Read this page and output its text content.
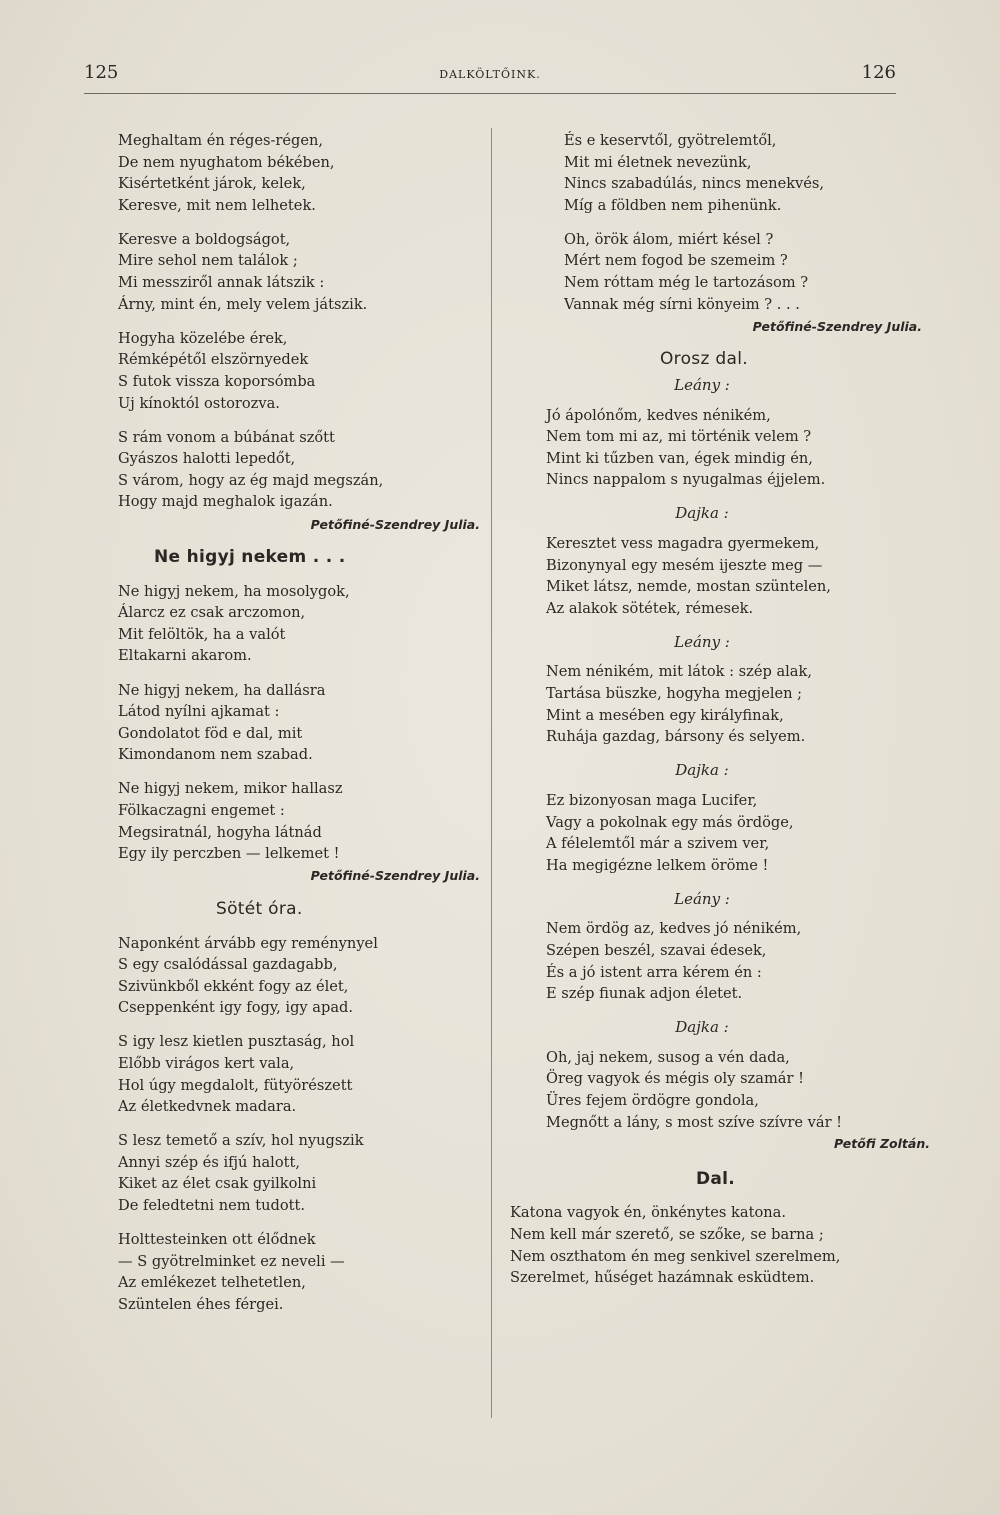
125	DALKÖLTŐINK.	126
Meghaltam én réges-régen,
De nem nyughatom békében,
Kisértetként járok, kelek,
Keresve, mit nem lelhetek.
Keresve a boldogságot,
Mire sehol nem találok ;
Mi messziről annak látszik :
Árny, mint én, mely velem játszik.
Hogyha közelébe érek,
Rémképétől elszörnyedek
S futok vissza koporsómba
Uj kínoktól ostorozva.
S rám vonom a búbánat szőtt
Gyászos halotti lepedőt,
S várom, hogy az ég majd megszán,
Hogy majd meghalok igazán.
Petőfiné-Szendrey Julia.
Ne higyj nekem . . .
Ne higyj nekem, ha mosolygok,
Álarcz ez csak arczomon,
Mit felöltök, ha a valót
Eltakarni akarom.
Ne higyj nekem, ha dallásra
Látod nyílni ajkamat :
Gondolatot föd e dal, mit
Kimondanom nem szabad.
Ne higyj nekem, mikor hallasz
Fölkaczagni engemet :
Megsiratnál, hogyha látnád
Egy ily perczben — lelkemet !
Petőfiné-Szendrey Julia.
Sötét óra.
Naponként árvább egy reménynyel
S egy csalódással gazdagabb,
Szivünkből ekként fogy az élet,
Cseppenként igy fogy, igy apad.
S igy lesz kietlen pusztaság, hol
Előbb virágos kert vala,
Hol úgy megdalolt, fütyörészett
Az életkedvnek madara.
S lesz temető a szív, hol nyugszik
Annyi szép és ifjú halott,
Kiket az élet csak gyilkolni
De feledtetni nem tudott.
Holttesteinken ott élődnek
— S gyötrelminket ez neveli —
Az emlékezet telhetetlen,
Szüntelen éhes férgei.
És e keservtől, gyötrelemtől,
Mit mi életnek nevezünk,
Nincs szabadúlás, nincs menekvés,
Míg a földben nem pihenünk.
Oh, örök álom, miért késel ?
Mért nem fogod be szemeim ?
Nem róttam még le tartozásom ?
Vannak még sírni könyeim ? . . .
Petőfiné-Szendrey Julia.
Orosz dal.
Leány :
Jó ápolónőm, kedves nénikém,
Nem tom mi az, mi történik velem ?
Mint ki tűzben van, égek mindig én,
Nincs nappalom s nyugalmas éjjelem.
Dajka :
Keresztet vess magadra gyermekem,
Bizonynyal egy mesém ijeszte meg —
Miket látsz, nemde, mostan szüntelen,
Az alakok sötétek, rémesek.
Leány :
Nem nénikém, mit látok : szép alak,
Tartása büszke, hogyha megjelen ;
Mint a mesében egy királyfinak,
Ruhája gazdag, bársony és selyem.
Dajka :
Ez bizonyosan maga Lucifer,
Vagy a pokolnak egy más ördöge,
A félelemtől már a szivem ver,
Ha megigézne lelkem öröme !
Leány :
Nem ördög az, kedves jó nénikém,
Szépen beszél, szavai édesek,
És a jó istent arra kérem én :
E szép fiunak adjon életet.
Dajka :
Oh, jaj nekem, susog a vén dada,
Öreg vagyok és mégis oly szamár !
Üres fejem ördögre gondola,
Megnőtt a lány, s most szíve szívre vár !
Petőfi Zoltán.
Dal.
Katona vagyok én, önkénytes katona.
Nem kell már szerető, se szőke, se barna ;
Nem oszthatom én meg senkivel szerelmem,
Szerelmet, hűséget hazámnak esküdtem.
